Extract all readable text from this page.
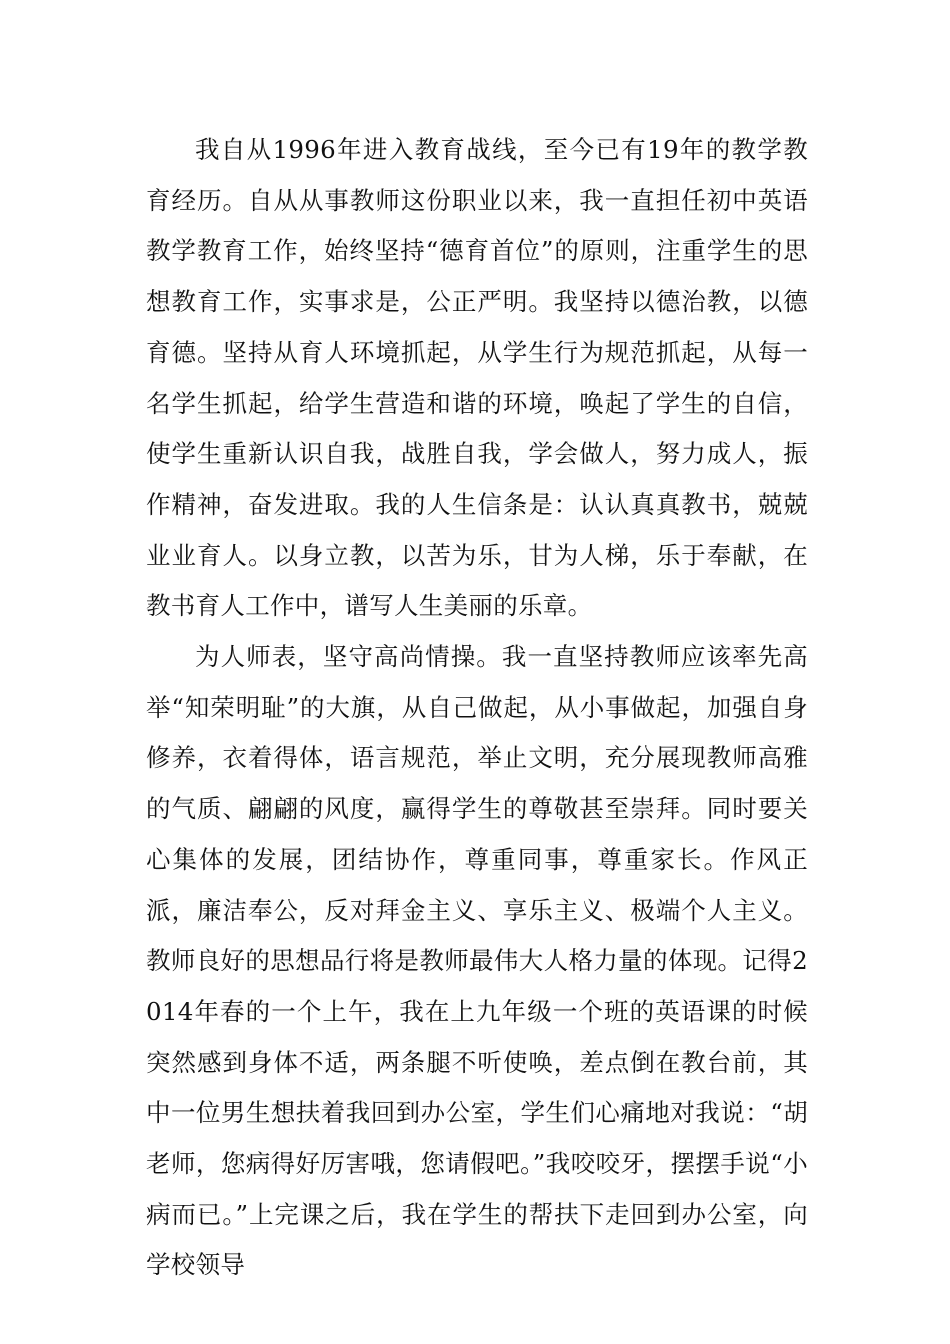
我自从1996年进入教育战线，至今已有19年的教学教育经历。自从从事教师这份职业以来，我一直担任初中英语教学教育工作，始终坚持“德育首位”的原则，注重学生的思想教育工作，实事求是，公正严明。我坚持以德治教，以德育德。坚持从育人环境抓起，从学生行为规范抓起，从每一名学生抓起，给学生营造和谐的环境，唤起了学生的自信，使学生重新认识自我，战胜自我，学会做人，努力成人，振作精神，奋发进取。我的人生信条是：认认真真教书，兢兢业业育人。以身立教，以苦为乐，甘为人梯，乐于奉献，在教书育人工作中，谱写人生美丽的乐章。

为人师表，坚守高尚情操。我一直坚持教师应该率先高举“知荣明耻”的大旗，从自己做起，从小事做起，加强自身修养，衣着得体，语言规范，举止文明，充分展现教师高雅的气质、翩翩的风度，赢得学生的尊敬甚至崇拜。同时要关心集体的发展，团结协作，尊重同事，尊重家长。作风正派，廉洁奉公，反对拜金主义、享乐主义、极端个人主义。教师良好的思想品行将是教师最伟大人格力量的体现。记得2014年春的一个上午，我在上九年级一个班的英语课的时候突然感到身体不适，两条腿不听使唤，差点倒在教台前，其中一位男生想扶着我回到办公室，学生们心痛地对我说：“胡老师，您病得好厉害哦，您请假吧。”我咬咬牙，摆摆手说“小病而已。”上完课之后，我在学生的帮扶下走回到办公室，向学校领导
